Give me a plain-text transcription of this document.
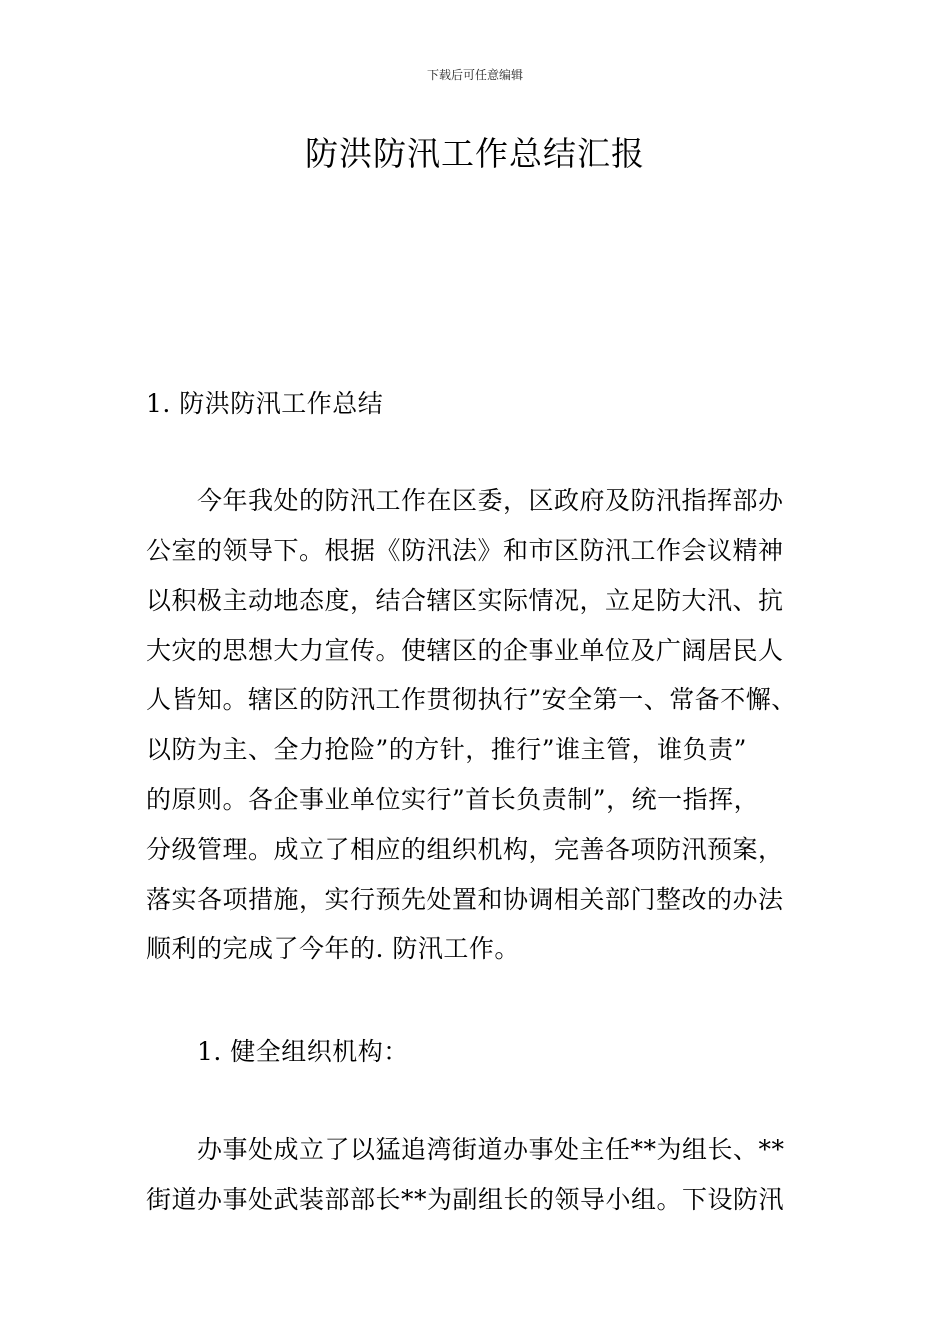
下载后可任意编辑
防洪防汛工作总结汇报
1. 防洪防汛工作总结
今年我处的防汛工作在区委，区政府及防汛指挥部办
公室的领导下。根据《防汛法》和市区防汛工作会议精神
以积极主动地态度，结合辖区实际情况，立足防大汛、抗
大灾的思想大力宣传。使辖区的企事业单位及广阔居民人
人皆知。辖区的防汛工作贯彻执行”安全第一、常备不懈、
以防为主、全力抢险”的方针，推行”谁主管，谁负责”
的原则。各企事业单位实行”首长负责制”，统一指挥，
分级管理。成立了相应的组织机构，完善各项防汛预案，
落实各项措施，实行预先处置和协调相关部门整改的办法
顺利的完成了今年的. 防汛工作。
1. 健全组织机构：
办事处成立了以猛追湾街道办事处主任**为组长、**
街道办事处武装部部长**为副组长的领导小组。下设防汛
